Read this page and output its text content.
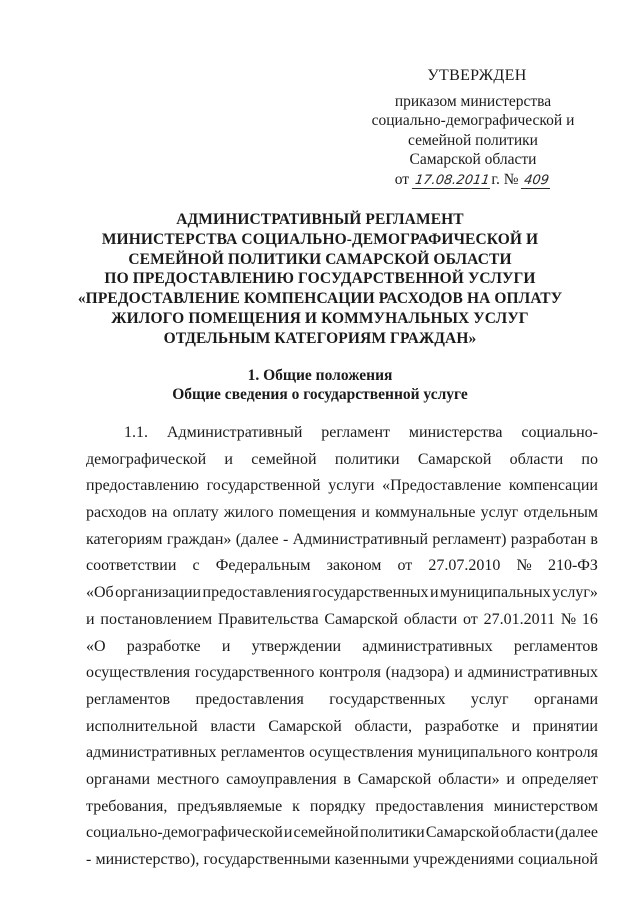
УТВЕРЖДЕН
приказом министерства
социально-демографической и
семейной политики
Самарской области
от 17.08.2011г. № 409
АДМИНИСТРАТИВНЫЙ РЕГЛАМЕНТ
МИНИСТЕРСТВА СОЦИАЛЬНО-ДЕМОГРАФИЧЕСКОЙ И
СЕМЕЙНОЙ ПОЛИТИКИ САМАРСКОЙ ОБЛАСТИ
ПО ПРЕДОСТАВЛЕНИЮ ГОСУДАРСТВЕННОЙ УСЛУГИ
«ПРЕДОСТАВЛЕНИЕ КОМПЕНСАЦИИ РАСХОДОВ НА ОПЛАТУ
ЖИЛОГО ПОМЕЩЕНИЯ И КОММУНАЛЬНЫХ УСЛУГ
ОТДЕЛЬНЫМ КАТЕГОРИЯМ ГРАЖДАН»
1. Общие положения
Общие сведения о государственной услуге
1.1. Административный регламент министерства социально-
демографической и семейной политики Самарской области по
предоставлению государственной услуги «Предоставление компенсации
расходов на оплату жилого помещения и коммунальные услуг отдельным
категориям граждан» (далее - Административный регламент) разработан в
соответствии с Федеральным законом от 27.07.2010 № 210-ФЗ
«Об организации предоставления государственных и муниципальных услуг»
и постановлением Правительства Самарской области от 27.01.2011 № 16
«О разработке и утверждении административных регламентов
осуществления государственного контроля (надзора) и административных
регламентов предоставления государственных услуг органами
исполнительной власти Самарской области, разработке и принятии
административных регламентов осуществления муниципального контроля
органами местного самоуправления в Самарской области» и определяет
требования, предъявляемые к порядку предоставления министерством
социально-демографической и семейной политики Самарской области (далее
- министерство), государственными казенными учреждениями социальной
